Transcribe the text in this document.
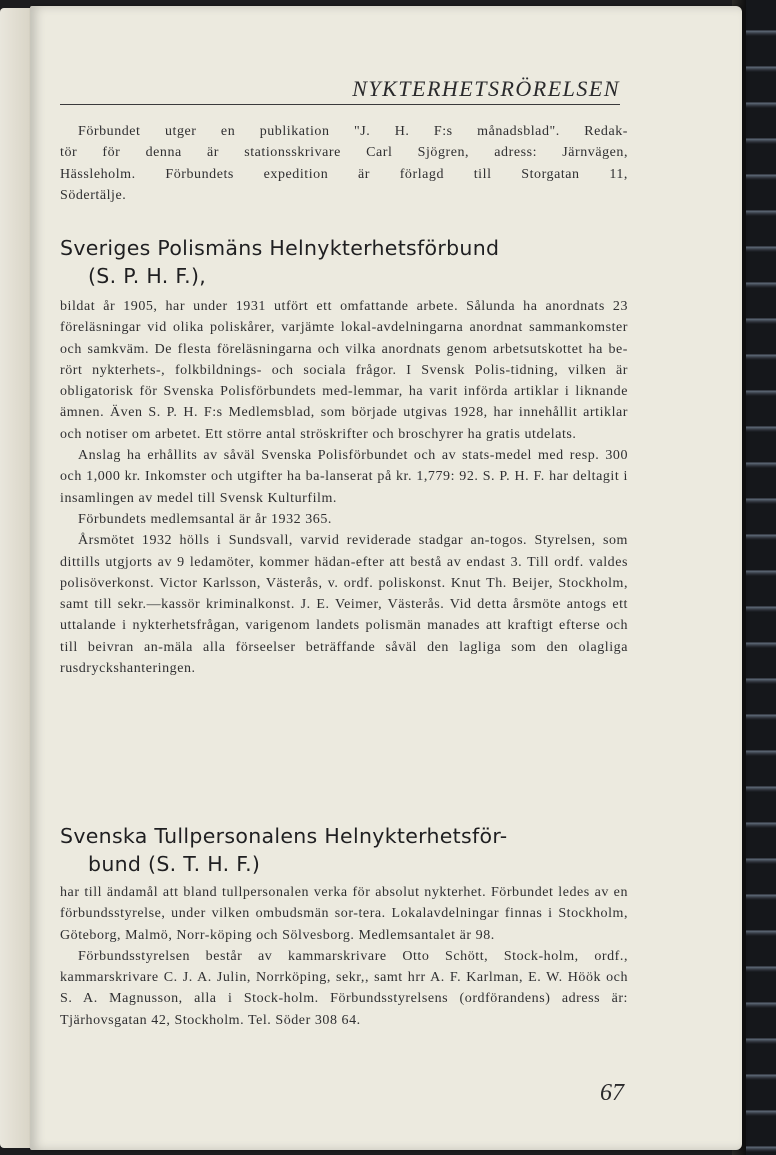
NYKTERHETSRÖRELSEN

Förbundet utger en publikation "J. H. F:s månadsblad". Redak-

tör för denna är stationsskrivare Carl Sjögren, adress: Järnvägen,

Hässleholm. Förbundets expedition är förlagd till Storgatan 11,

Södertälje.

Sveriges Polismäns Helnykterhetsförbund
(S. P. H. F.),

bildat år 1905, har under 1931 utfört ett omfattande arbete. Sålunda ha anordnats 23 föreläsningar vid olika poliskårer, varjämte lokal-avdelningarna anordnat sammankomster och samkväm. De flesta föreläsningarna och vilka anordnats genom arbetsutskottet ha be-rört nykterhets-, folkbildnings- och sociala frågor. I Svensk Polis-tidning, vilken är obligatorisk för Svenska Polisförbundets med-lemmar, ha varit införda artiklar i liknande ämnen. Även S. P. H. F:s Medlemsblad, som började utgivas 1928, har innehållit artiklar och notiser om arbetet. Ett större antal ströskrifter och broschyrer ha gratis utdelats.

Anslag ha erhållits av såväl Svenska Polisförbundet och av stats-medel med resp. 300 och 1,000 kr. Inkomster och utgifter ha ba-lanserat på kr. 1,779: 92. S. P. H. F. har deltagit i insamlingen av medel till Svensk Kulturfilm.

Förbundets medlemsantal är år 1932 365.

Årsmötet 1932 hölls i Sundsvall, varvid reviderade stadgar an-togos. Styrelsen, som dittills utgjorts av 9 ledamöter, kommer hädan-efter att bestå av endast 3. Till ordf. valdes polisöverkonst. Victor Karlsson, Västerås, v. ordf. poliskonst. Knut Th. Beijer, Stockholm, samt till sekr.—kassör kriminalkonst. J. E. Veimer, Västerås. Vid detta årsmöte antogs ett uttalande i nykterhetsfrågan, varigenom landets polismän manades att kraftigt efterse och till beivran an-mäla alla förseelser beträffande såväl den lagliga som den olagliga rusdryckshanteringen.

Svenska Tullpersonalens Helnykterhetsför-
bund (S. T. H. F.)

har till ändamål att bland tullpersonalen verka för absolut nykterhet. Förbundet ledes av en förbundsstyrelse, under vilken ombudsmän sor-tera. Lokalavdelningar finnas i Stockholm, Göteborg, Malmö, Norr-köping och Sölvesborg. Medlemsantalet är 98.

Förbundsstyrelsen består av kammarskrivare Otto Schött, Stock-holm, ordf., kammarskrivare C. J. A. Julin, Norrköping, sekr,, samt hrr A. F. Karlman, E. W. Höök och S. A. Magnusson, alla i Stock-holm. Förbundsstyrelsens (ordförandens) adress är: Tjärhovsgatan 42, Stockholm. Tel. Söder 308 64.

67
